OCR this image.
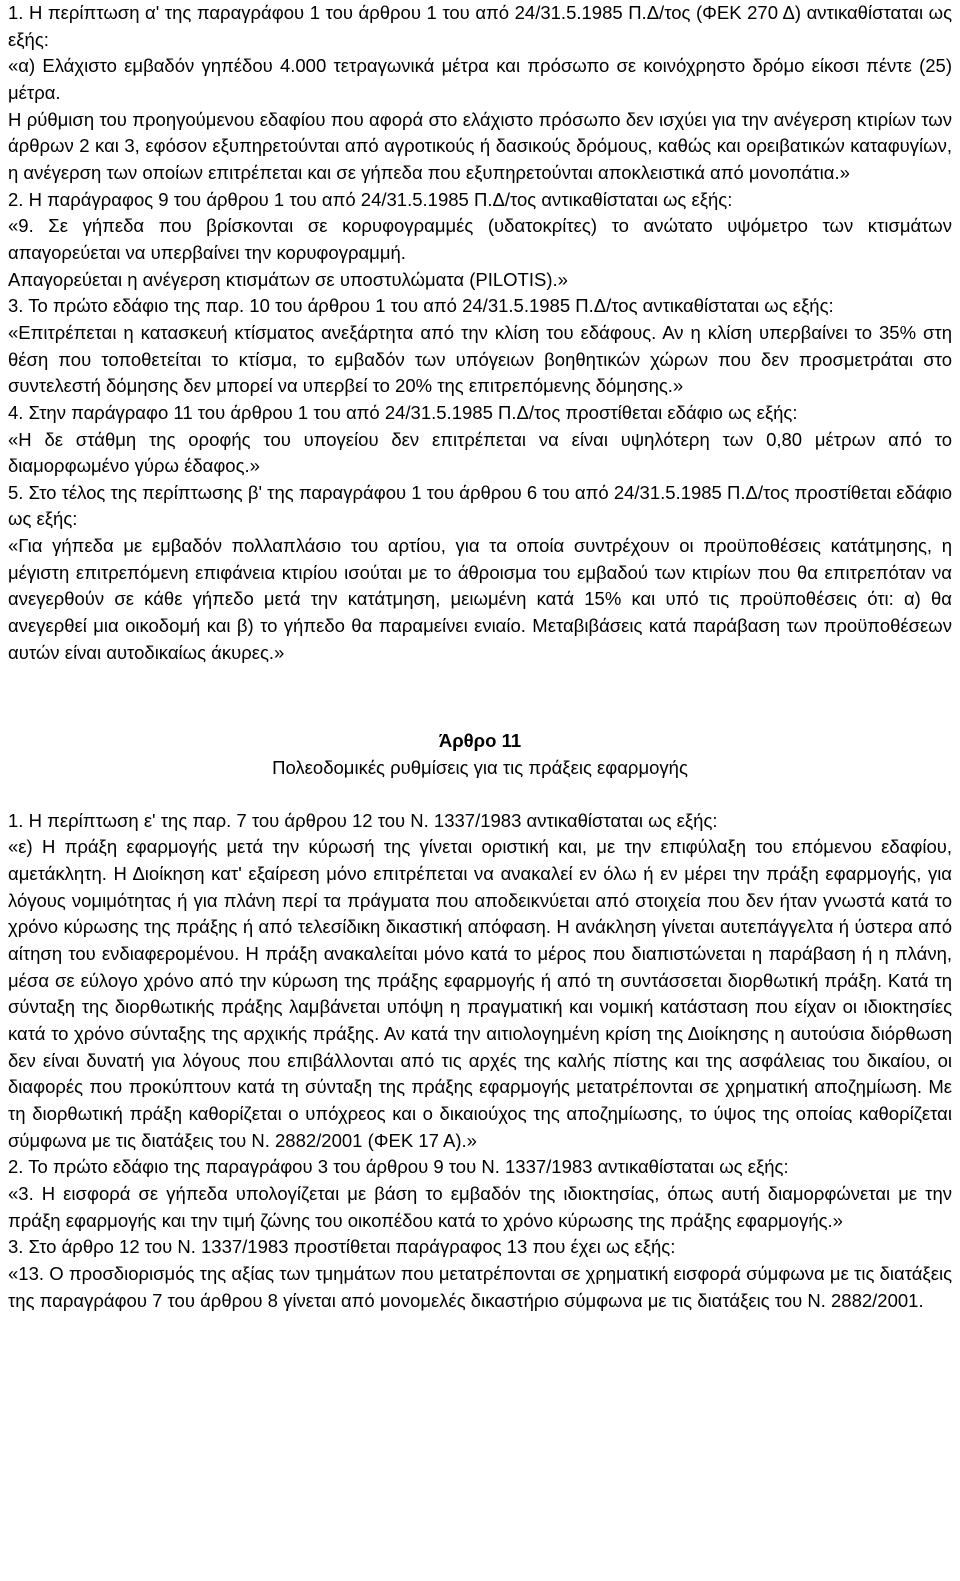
1. Η περίπτωση α' της παραγράφου 1 του άρθρου 1 του από 24/31.5.1985 Π.Δ/τος (ΦΕΚ 270 Δ) αντικαθίσταται ως εξής:

«α) Ελάχιστο εμβαδόν γηπέδου 4.000 τετραγωνικά μέτρα και πρόσωπο σε κοινόχρηστο δρόμο είκοσι πέντε (25) μέτρα.

Η ρύθμιση του προηγούμενου εδαφίου που αφορά στο ελάχιστο πρόσωπο δεν ισχύει για την ανέγερση κτιρίων των άρθρων 2 και 3, εφόσον εξυπηρετούνται από αγροτικούς ή δασικούς δρόμους, καθώς και ορειβατικών καταφυγίων, η ανέγερση των οποίων επιτρέπεται και σε γήπεδα που εξυπηρετούνται αποκλειστικά από μονοπάτια.»

2. Η παράγραφος 9 του άρθρου 1 του από 24/31.5.1985 Π.Δ/τος αντικαθίσταται ως εξής:

«9. Σε γήπεδα που βρίσκονται σε κορυφογραμμές (υδατοκρίτες) το ανώτατο υψόμετρο των κτισμάτων απαγορεύεται να υπερβαίνει την κορυφογραμμή.

Απαγορεύεται η ανέγερση κτισμάτων σε υποστυλώματα (PILOTIS).»

3. Το πρώτο εδάφιο της παρ. 10 του άρθρου 1 του από 24/31.5.1985 Π.Δ/τος αντικαθίσταται ως εξής:

«Επιτρέπεται η κατασκευή κτίσματος ανεξάρτητα από την κλίση του εδάφους. Αν η κλίση υπερβαίνει το 35% στη θέση που τοποθετείται το κτίσμα, το εμβαδόν των υπόγειων βοηθητικών χώρων που δεν προσμετράται στο συντελεστή δόμησης δεν μπορεί να υπερβεί το 20% της επιτρεπόμενης δόμησης.»

4. Στην παράγραφο 11 του άρθρου 1 του από 24/31.5.1985 Π.Δ/τος προστίθεται εδάφιο ως εξής:

«Η δε στάθμη της οροφής του υπογείου δεν επιτρέπεται να είναι υψηλότερη των 0,80 μέτρων από το διαμορφωμένο γύρω έδαφος.»

5. Στο τέλος της περίπτωσης β' της παραγράφου 1 του άρθρου 6 του από 24/31.5.1985 Π.Δ/τος προστίθεται εδάφιο ως εξής:

«Για γήπεδα με εμβαδόν πολλαπλάσιο του αρτίου, για τα οποία συντρέχουν οι προϋποθέσεις κατάτμησης, η μέγιστη επιτρεπόμενη επιφάνεια κτιρίου ισούται με το άθροισμα του εμβαδού των κτιρίων που θα επιτρεπόταν να ανεγερθούν σε κάθε γήπεδο μετά την κατάτμηση, μειωμένη κατά 15% και υπό τις προϋποθέσεις ότι: α) θα ανεγερθεί μια οικοδομή και β) το γήπεδο θα παραμείνει ενιαίο. Μεταβιβάσεις κατά παράβαση των προϋποθέσεων αυτών είναι αυτοδικαίως άκυρες.»

Άρθρο 11

Πολεοδομικές ρυθμίσεις για τις πράξεις εφαρμογής

1. Η περίπτωση ε' της παρ. 7 του άρθρου 12 του Ν. 1337/1983 αντικαθίσταται ως εξής:

«ε) Η πράξη εφαρμογής μετά την κύρωσή της γίνεται οριστική και, με την επιφύλαξη του επόμενου εδαφίου, αμετάκλητη. Η Διοίκηση κατ' εξαίρεση μόνο επιτρέπεται να ανακαλεί εν όλω ή εν μέρει την πράξη εφαρμογής, για λόγους νομιμότητας ή για πλάνη περί τα πράγματα που αποδεικνύεται από στοιχεία που δεν ήταν γνωστά κατά το χρόνο κύρωσης της πράξης ή από τελεσίδικη δικαστική απόφαση. Η ανάκληση γίνεται αυτεπάγγελτα ή ύστερα από αίτηση του ενδιαφερομένου. Η πράξη ανακαλείται μόνο κατά το μέρος που διαπιστώνεται η παράβαση ή η πλάνη, μέσα σε εύλογο χρόνο από την κύρωση της πράξης εφαρμογής ή από τη συντάσσεται διορθωτική πράξη. Κατά τη σύνταξη της διορθωτικής πράξης λαμβάνεται υπόψη η πραγματική και νομική κατάσταση που είχαν οι ιδιοκτησίες κατά το χρόνο σύνταξης της αρχικής πράξης. Αν κατά την αιτιολογημένη κρίση της Διοίκησης η αυτούσια διόρθωση δεν είναι δυνατή για λόγους που επιβάλλονται από τις αρχές της καλής πίστης και της ασφάλειας του δικαίου, οι διαφορές που προκύπτουν κατά τη σύνταξη της πράξης εφαρμογής μετατρέπονται σε χρηματική αποζημίωση. Με τη διορθωτική πράξη καθορίζεται ο υπόχρεος και ο δικαιούχος της αποζημίωσης, το ύψος της οποίας καθορίζεται σύμφωνα με τις διατάξεις του Ν. 2882/2001 (ΦΕΚ 17 Α).»

2. Το πρώτο εδάφιο της παραγράφου 3 του άρθρου 9 του Ν. 1337/1983 αντικαθίσταται ως εξής:

«3. Η εισφορά σε γήπεδα υπολογίζεται με βάση το εμβαδόν της ιδιοκτησίας, όπως αυτή διαμορφώνεται με την πράξη εφαρμογής και την τιμή ζώνης του οικοπέδου κατά το χρόνο κύρωσης της πράξης εφαρμογής.»

3. Στο άρθρο 12 του Ν. 1337/1983 προστίθεται παράγραφος 13 που έχει ως εξής:

«13. Ο προσδιορισμός της αξίας των τμημάτων που μετατρέπονται σε χρηματική εισφορά σύμφωνα με τις διατάξεις της παραγράφου 7 του άρθρου 8 γίνεται από μονομελές δικαστήριο σύμφωνα με τις διατάξεις του Ν. 2882/2001.
